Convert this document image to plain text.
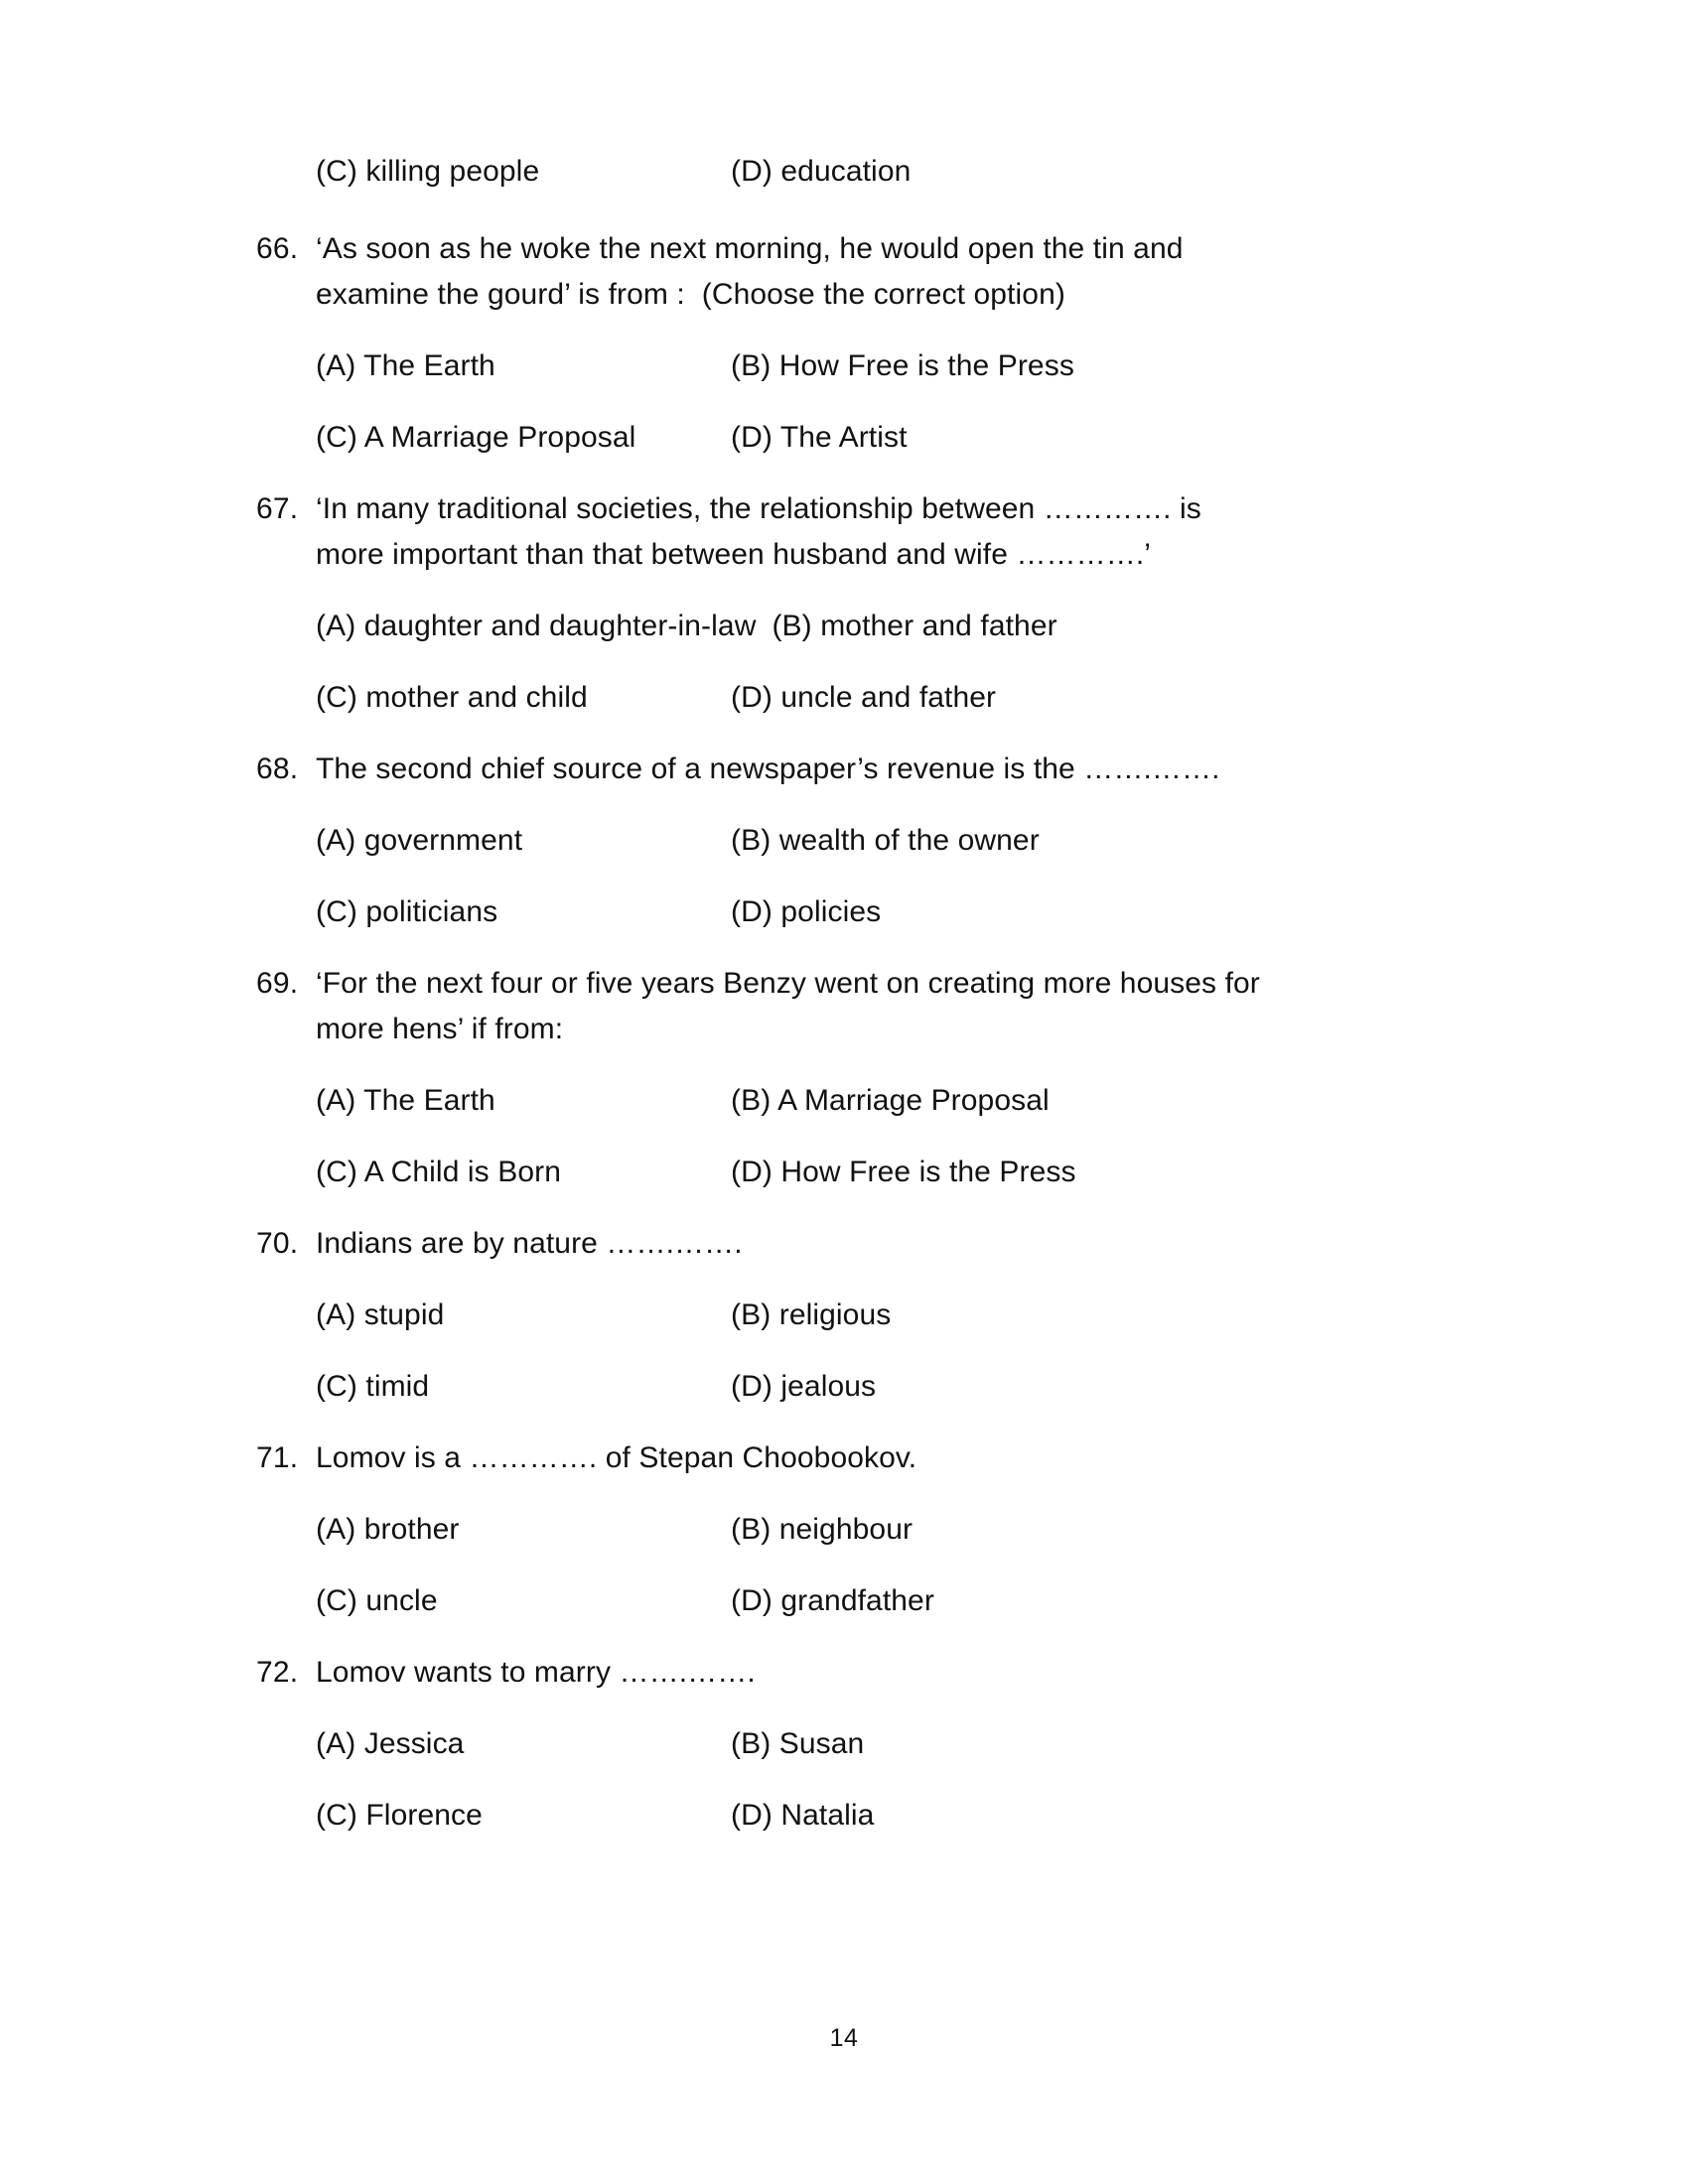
(C) killing people	(D) education
66. ‘As soon as he woke the next morning, he would open the tin and
examine the gourd’ is from :  (Choose the correct option)
(A) The Earth	(B) How Free is the Press
(C) A Marriage Proposal	(D) The Artist
67. ‘In many traditional societies, the relationship between …………. is
more important than that between husband and wife ………….’
(A) daughter and daughter-in-law (B) mother and father
(C) mother and child	(D) uncle and father
68. The second chief source of a newspaper’s revenue is the …….…….
(A) government	(B) wealth of the owner
(C) politicians	(D) policies
69. ‘For the next four or five years Benzy went on creating more houses for
more hens’ if from:
(A) The Earth	(B) A Marriage Proposal
(C) A Child is Born	(D) How Free is the Press
70. Indians are by nature …….…….
(A) stupid	(B) religious
(C) timid	(D) jealous
71. Lomov is a …………. of Stepan Choobookov.
(A) brother	(B) neighbour
(C) uncle	(D) grandfather
72. Lomov wants to marry …….…….
(A) Jessica	(B) Susan
(C) Florence	(D) Natalia
14
